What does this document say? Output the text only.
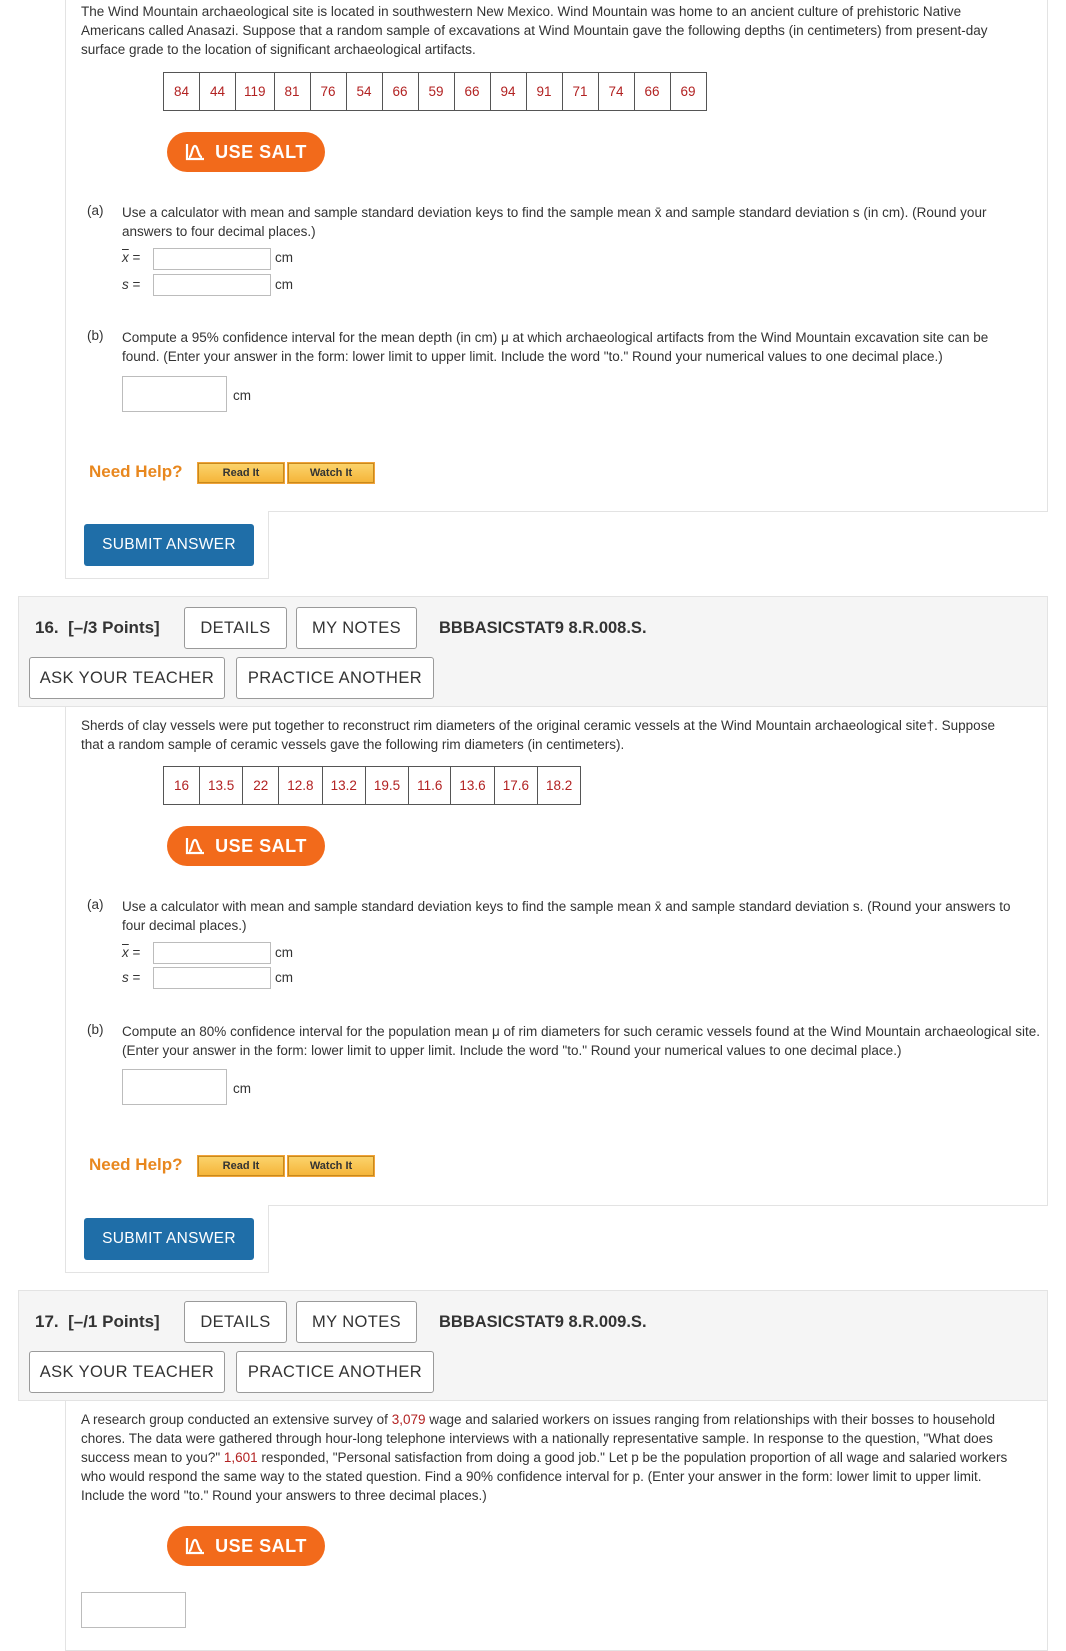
The Wind Mountain archaeological site is located in southwestern New Mexico. Wind Mountain was home to an ancient culture of prehistoric Native Americans called Anasazi. Suppose that a random sample of excavations at Wind Mountain gave the following depths (in centimeters) from present-day surface grade to the location of significant archaeological artifacts.
84	44	119	81	76	54	66	59	66	94	91	71	74	66	69
USE SALT
(a) Use a calculator with mean and sample standard deviation keys to find the sample mean x̄ and sample standard deviation s (in cm). (Round your answers to four decimal places.)
$\overline{x}$ =	cm
s =	cm
(b) Compute a 95% confidence interval for the mean depth (in cm) μ at which archaeological artifacts from the Wind Mountain excavation site can be found. (Enter your answer in the form: lower limit to upper limit. Include the word "to." Round your numerical values to one decimal place.)
cm
Need Help?	Read It	Watch It
SUBMIT ANSWER
16. [–/3 Points]	DETAILS	MY NOTES	BBBASICSTAT9 8.R.008.S.
ASK YOUR TEACHER	PRACTICE ANOTHER
Sherds of clay vessels were put together to reconstruct rim diameters of the original ceramic vessels at the Wind Mountain archaeological site†. Suppose that a random sample of ceramic vessels gave the following rim diameters (in centimeters).
16	13.5	22	12.8	13.2	19.5	11.6	13.6	17.6	18.2
USE SALT
(a) Use a calculator with mean and sample standard deviation keys to find the sample mean x̄ and sample standard deviation s. (Round your answers to four decimal places.)
$\overline{x}$ =	cm
s =	cm
(b) Compute an 80% confidence interval for the population mean μ of rim diameters for such ceramic vessels found at the Wind Mountain archaeological site. (Enter your answer in the form: lower limit to upper limit. Include the word "to." Round your numerical values to one decimal place.)
cm
Need Help?	Read It	Watch It
SUBMIT ANSWER
17. [–/1 Points]	DETAILS	MY NOTES	BBBASICSTAT9 8.R.009.S.
ASK YOUR TEACHER	PRACTICE ANOTHER
A research group conducted an extensive survey of 3,079 wage and salaried workers on issues ranging from relationships with their bosses to household chores. The data were gathered through hour-long telephone interviews with a nationally representative sample. In response to the question, "What does success mean to you?" 1,601 responded, "Personal satisfaction from doing a good job." Let p be the population proportion of all wage and salaried workers who would respond the same way to the stated question. Find a 90% confidence interval for p. (Enter your answer in the form: lower limit to upper limit. Include the word "to." Round your answers to three decimal places.)
USE SALT
